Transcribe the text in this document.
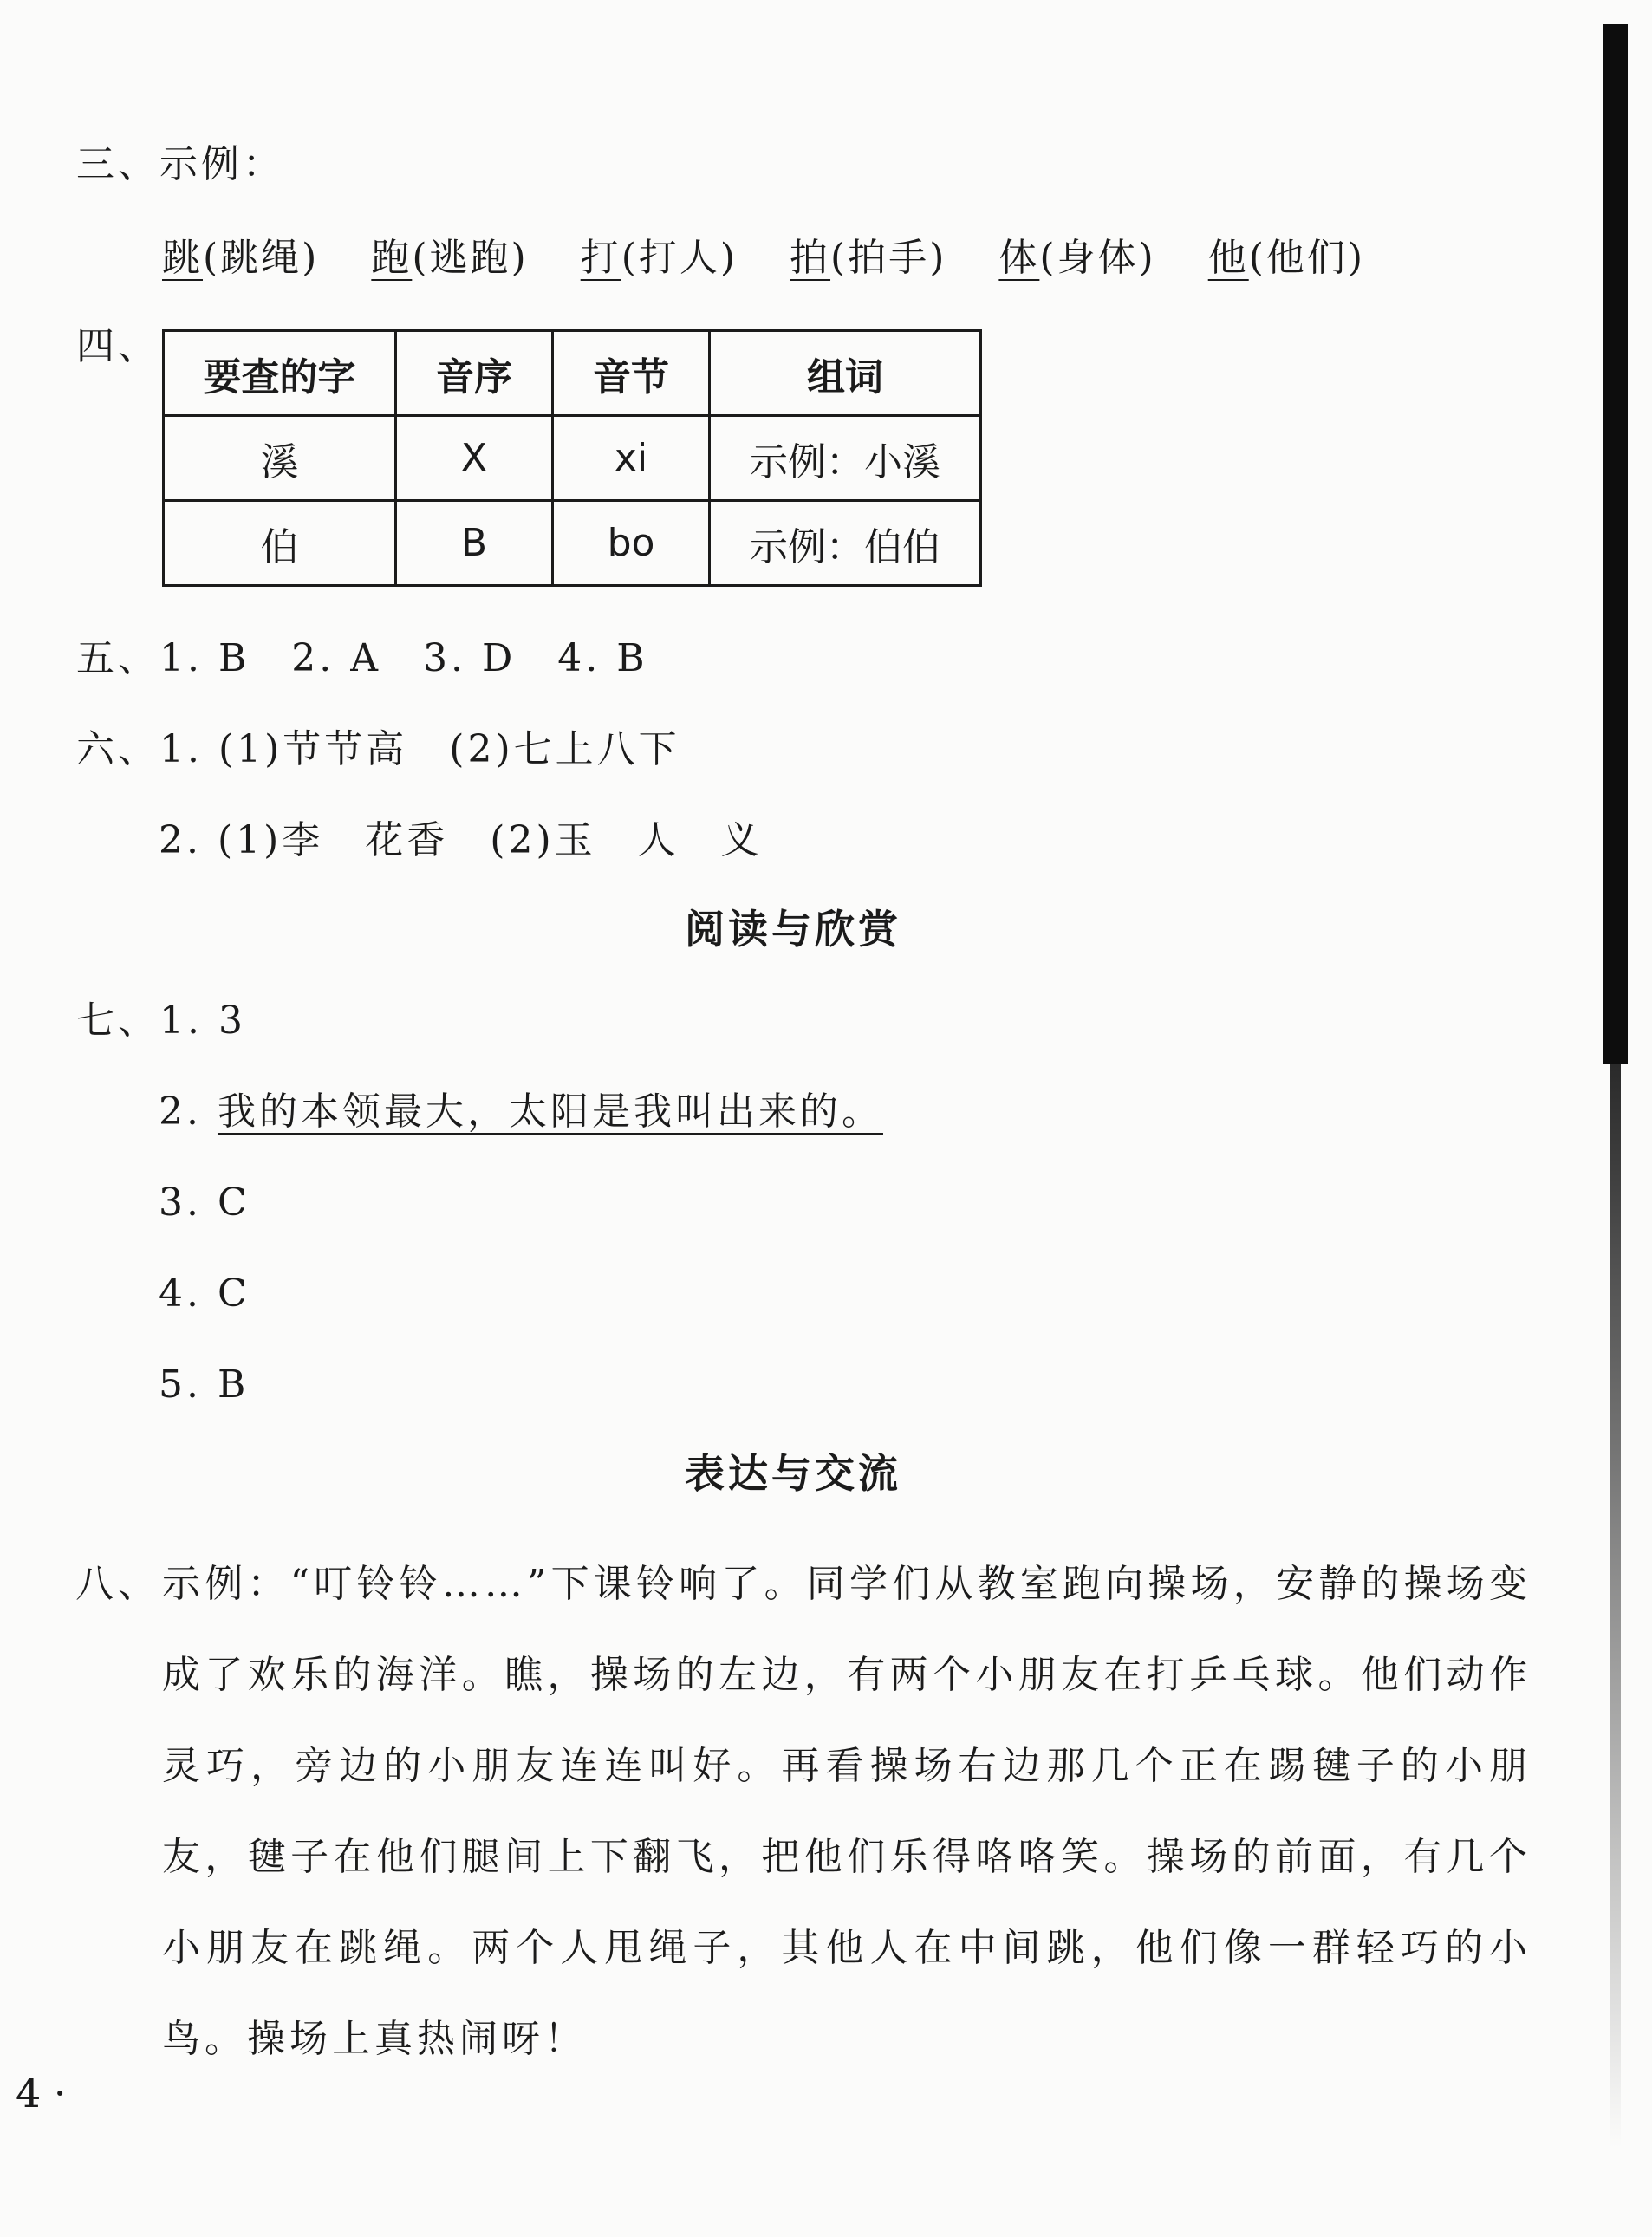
三、示例：
跳(跳绳) 跑(逃跑) 打(打人) 拍(拍手) 体(身体) 他(他们)
四、
要查的字	音序	音节	组词
溪	X	xi	示例：小溪
伯	B	bo	示例：伯伯
五、1. B　2. A　3. D　4. B
六、1. (1)节节高　(2)七上八下
2. (1)李　花香　(2)玉　人　义
阅读与欣赏
七、1. 3
2. 我的本领最大，太阳是我叫出来的。
3. C
4. C
5. B
表达与交流
八、 示例：“叮铃铃……”下课铃响了。同学们从教室跑向操场，安静的操场变成了欢乐的海洋。瞧，操场的左边，有两个小朋友在打乒乓球。他们动作灵巧，旁边的小朋友连连叫好。再看操场右边那几个正在踢毽子的小朋友，毽子在他们腿间上下翻飞，把他们乐得咯咯笑。操场的前面，有几个小朋友在跳绳。两个人甩绳子，其他人在中间跳，他们像一群轻巧的小鸟。操场上真热闹呀！
4 ·
